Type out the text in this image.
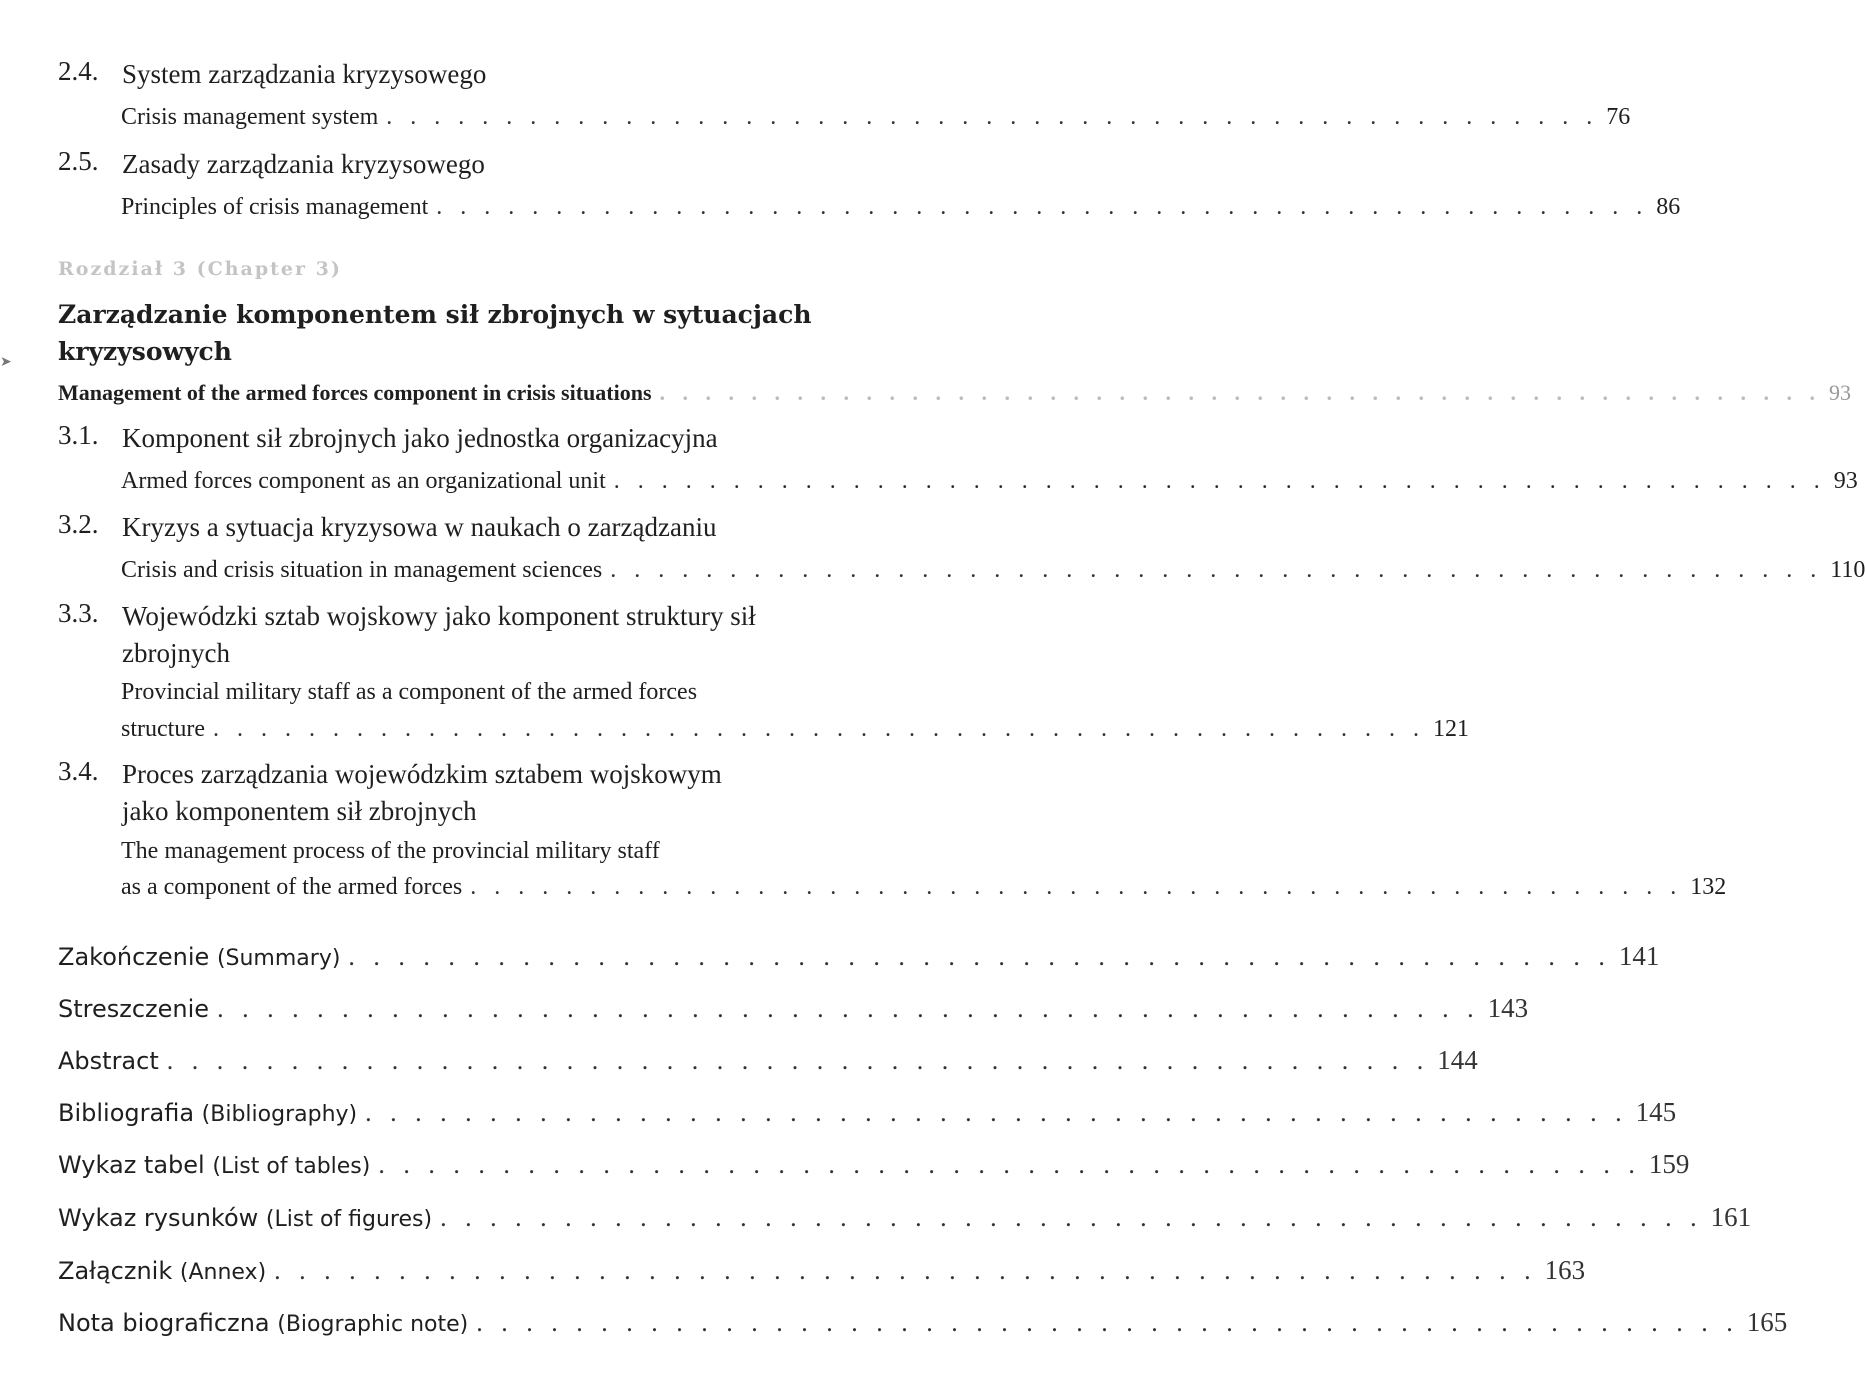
2.4. System zarządzania kryzysowego
Crisis management system . . . . . . . . . . . . . . . . . . . . . . . . . . . . . . . . . . . . . . . . . . . . . . . . . . . 76
2.5. Zasady zarządzania kryzysowego
Principles of crisis management . . . . . . . . . . . . . . . . . . . . . . . . . . . . . . . . . . . . . . . . . . . . . . . . . . . 86
Rozdział 3 (Chapter 3)
Zarządzanie komponentem sił zbrojnych w sytuacjach kryzysowych
➤
Management of the armed forces component in crisis situations . . . . . . . . . . . . . . . . . . . . . . . . . . . . . . . . . . . . . . . . . . . . . . . . . . . 93
3.1. Komponent sił zbrojnych jako jednostka organizacyjna
Armed forces component as an organizational unit . . . . . . . . . . . . . . . . . . . . . . . . . . . . . . . . . . . . . . . . . . . . . . . . . . . 93
3.2. Kryzys a sytuacja kryzysowa w naukach o zarządzaniu
Crisis and crisis situation in management sciences . . . . . . . . . . . . . . . . . . . . . . . . . . . . . . . . . . . . . . . . . . . . . . . . . . . 110
3.3. Wojewódzki sztab wojskowy jako komponent struktury sił
zbrojnych
Provincial military staff as a component of the armed forces
structure . . . . . . . . . . . . . . . . . . . . . . . . . . . . . . . . . . . . . . . . . . . . . . . . . . . 121
3.4. Proces zarządzania wojewódzkim sztabem wojskowym
jako komponentem sił zbrojnych
The management process of the provincial military staff
as a component of the armed forces . . . . . . . . . . . . . . . . . . . . . . . . . . . . . . . . . . . . . . . . . . . . . . . . . . . 132
Zakończenie (Summary) . . . . . . . . . . . . . . . . . . . . . . . . . . . . . . . . . . . . . . . . . . . . . . . . . . . 141
Streszczenie . . . . . . . . . . . . . . . . . . . . . . . . . . . . . . . . . . . . . . . . . . . . . . . . . . . 143
Abstract . . . . . . . . . . . . . . . . . . . . . . . . . . . . . . . . . . . . . . . . . . . . . . . . . . . 144
Bibliografia (Bibliography) . . . . . . . . . . . . . . . . . . . . . . . . . . . . . . . . . . . . . . . . . . . . . . . . . . . 145
Wykaz tabel (List of tables) . . . . . . . . . . . . . . . . . . . . . . . . . . . . . . . . . . . . . . . . . . . . . . . . . . . 159
Wykaz rysunków (List of figures) . . . . . . . . . . . . . . . . . . . . . . . . . . . . . . . . . . . . . . . . . . . . . . . . . . . 161
Załącznik (Annex) . . . . . . . . . . . . . . . . . . . . . . . . . . . . . . . . . . . . . . . . . . . . . . . . . . . 163
Nota biograficzna (Biographic note) . . . . . . . . . . . . . . . . . . . . . . . . . . . . . . . . . . . . . . . . . . . . . . . . . . . 165
